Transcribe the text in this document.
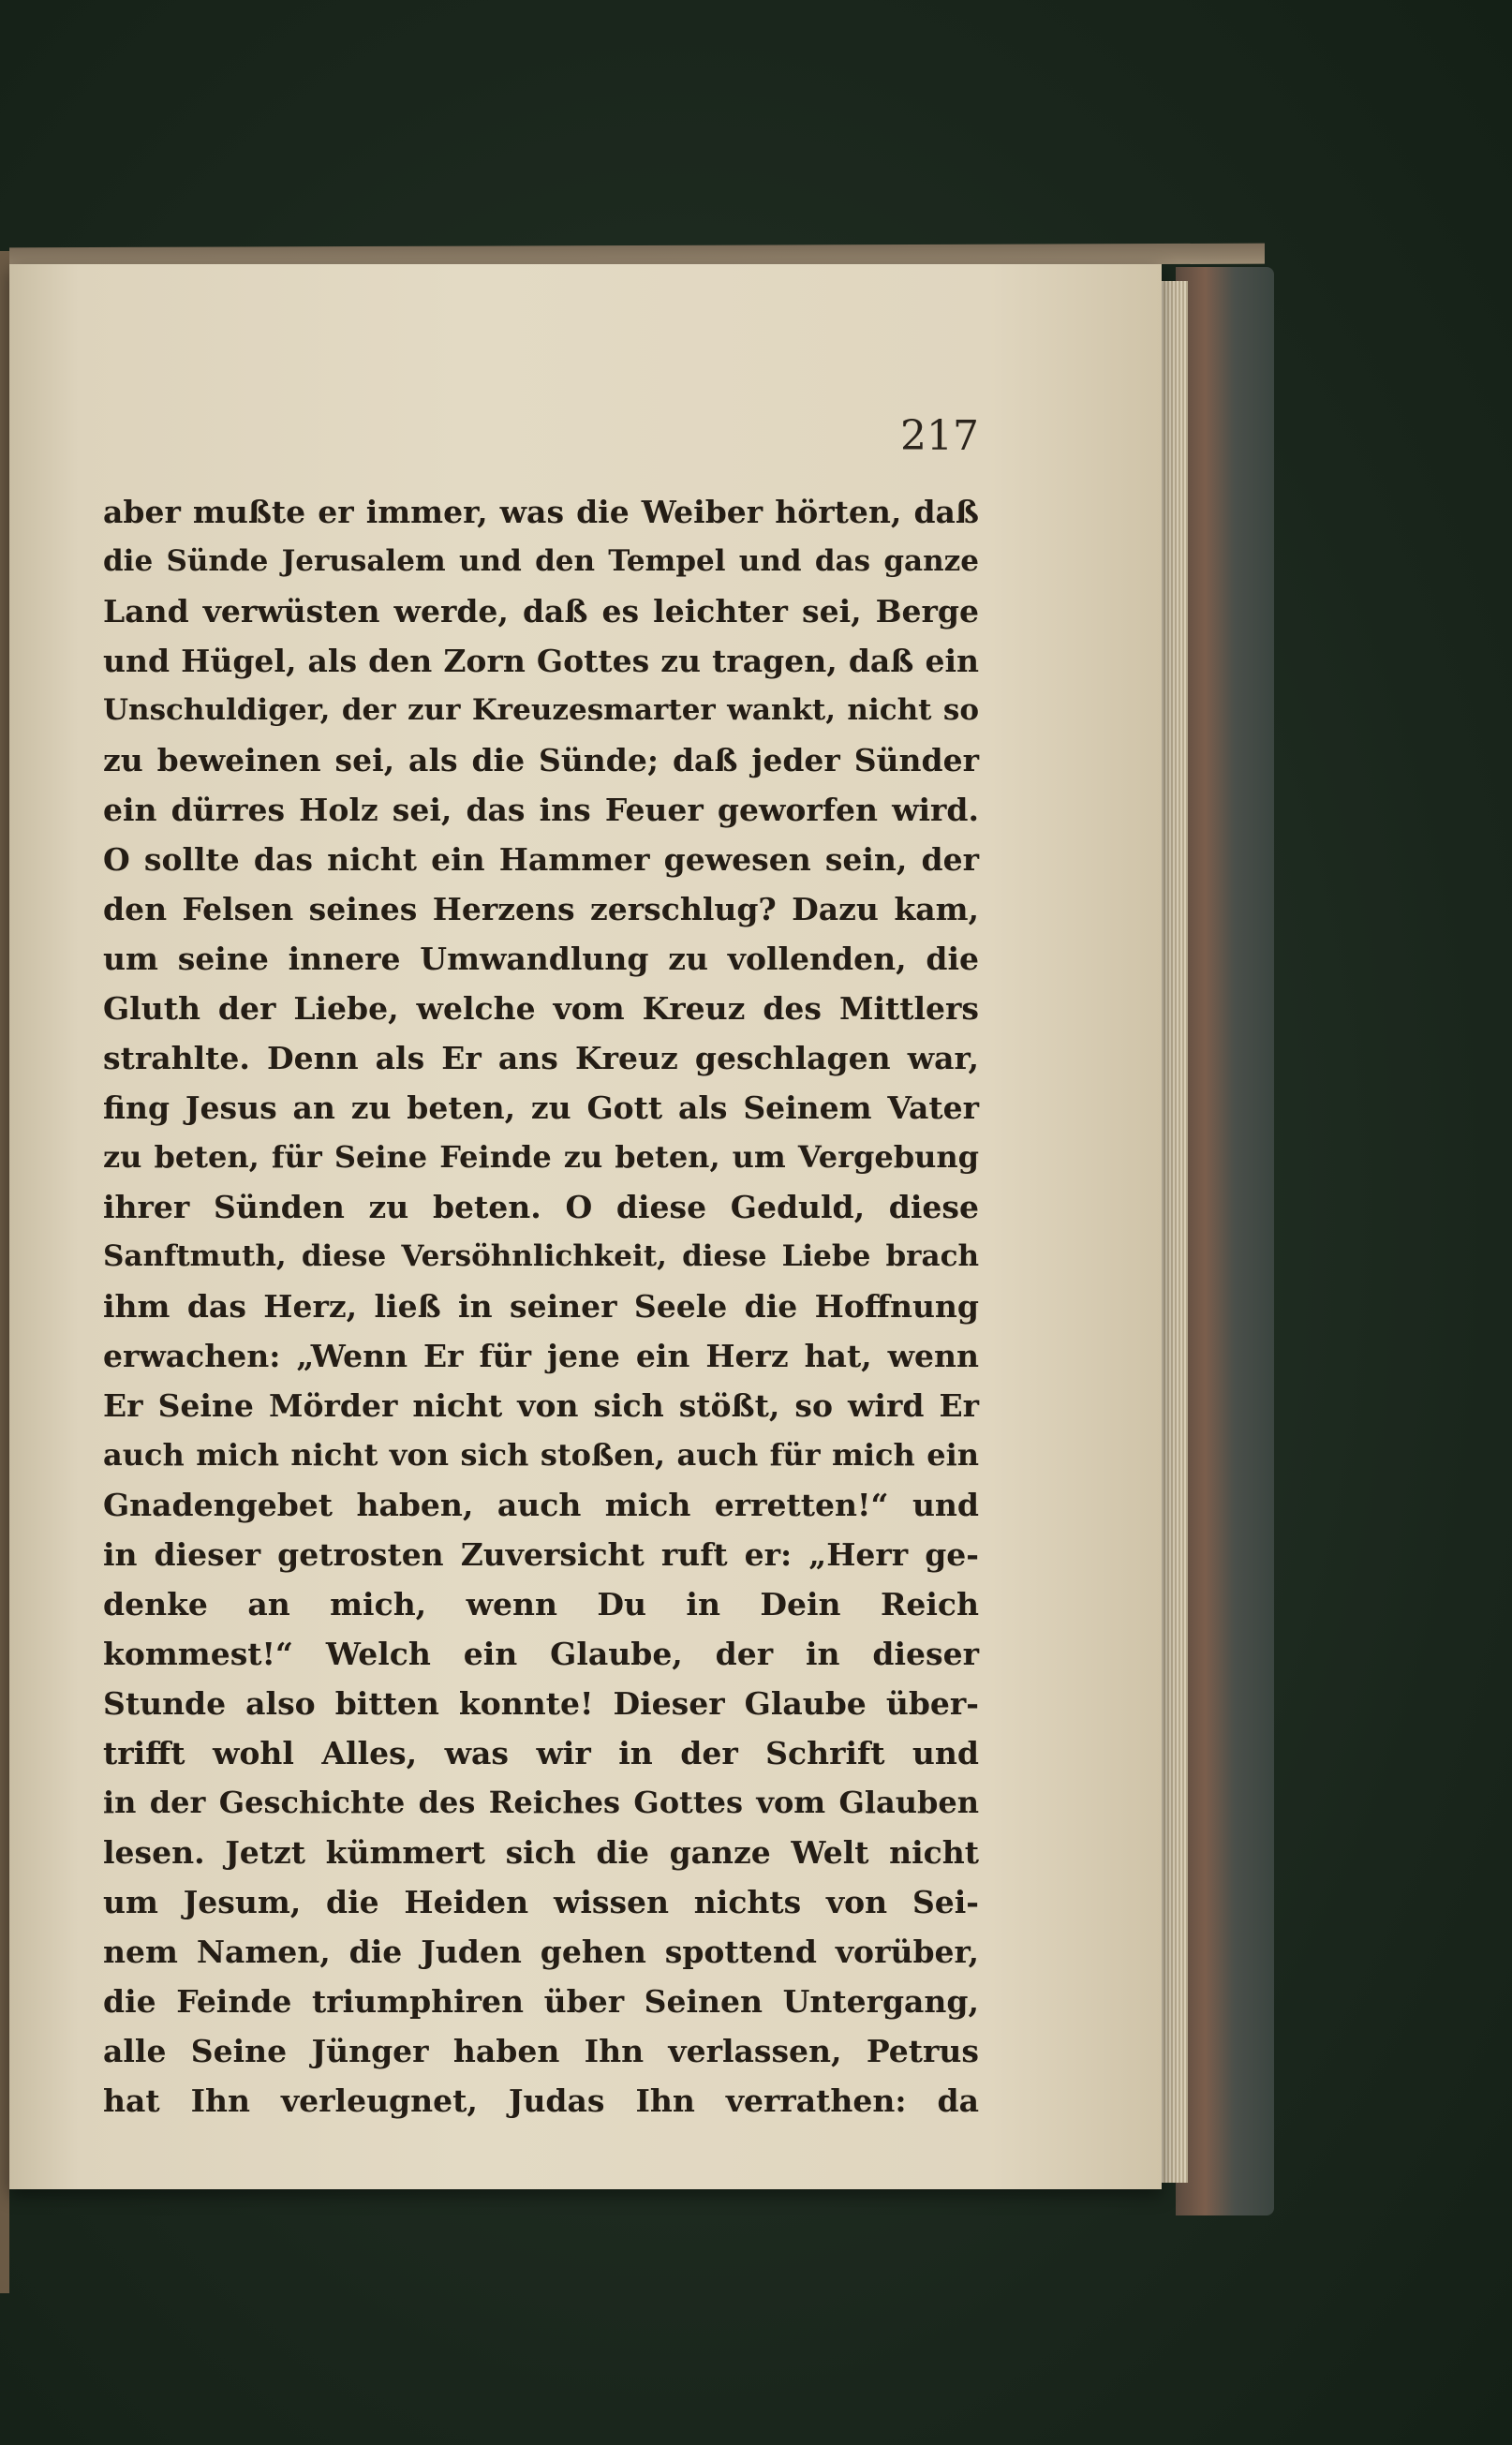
217
aber mußte er immer, was die Weiber hörten, daß
die Sünde Jerusalem und den Tempel und das ganze
Land verwüsten werde, daß es leichter sei, Berge
und Hügel, als den Zorn Gottes zu tragen, daß ein
Unschuldiger, der zur Kreuzesmarter wankt, nicht so
zu beweinen sei, als die Sünde; daß jeder Sünder
ein dürres Holz sei, das ins Feuer geworfen wird.
O sollte das nicht ein Hammer gewesen sein, der
den Felsen seines Herzens zerschlug? Dazu kam,
um seine innere Umwandlung zu vollenden, die
Gluth der Liebe, welche vom Kreuz des Mittlers
strahlte. Denn als Er ans Kreuz geschlagen war,
fing Jesus an zu beten, zu Gott als Seinem Vater
zu beten, für Seine Feinde zu beten, um Vergebung
ihrer Sünden zu beten. O diese Geduld, diese
Sanftmuth, diese Versöhnlichkeit, diese Liebe brach
ihm das Herz, ließ in seiner Seele die Hoffnung
erwachen: „Wenn Er für jene ein Herz hat, wenn
Er Seine Mörder nicht von sich stößt, so wird Er
auch mich nicht von sich stoßen, auch für mich ein
Gnadengebet haben, auch mich erretten!“ und
in dieser getrosten Zuversicht ruft er: „Herr ge-
denke an mich, wenn Du in Dein Reich
kommest!“ Welch ein Glaube, der in dieser
Stunde also bitten konnte! Dieser Glaube über-
trifft wohl Alles, was wir in der Schrift und
in der Geschichte des Reiches Gottes vom Glauben
lesen. Jetzt kümmert sich die ganze Welt nicht
um Jesum, die Heiden wissen nichts von Sei-
nem Namen, die Juden gehen spottend vorüber,
die Feinde triumphiren über Seinen Untergang,
alle Seine Jünger haben Ihn verlassen, Petrus
hat Ihn verleugnet, Judas Ihn verrathen: da
